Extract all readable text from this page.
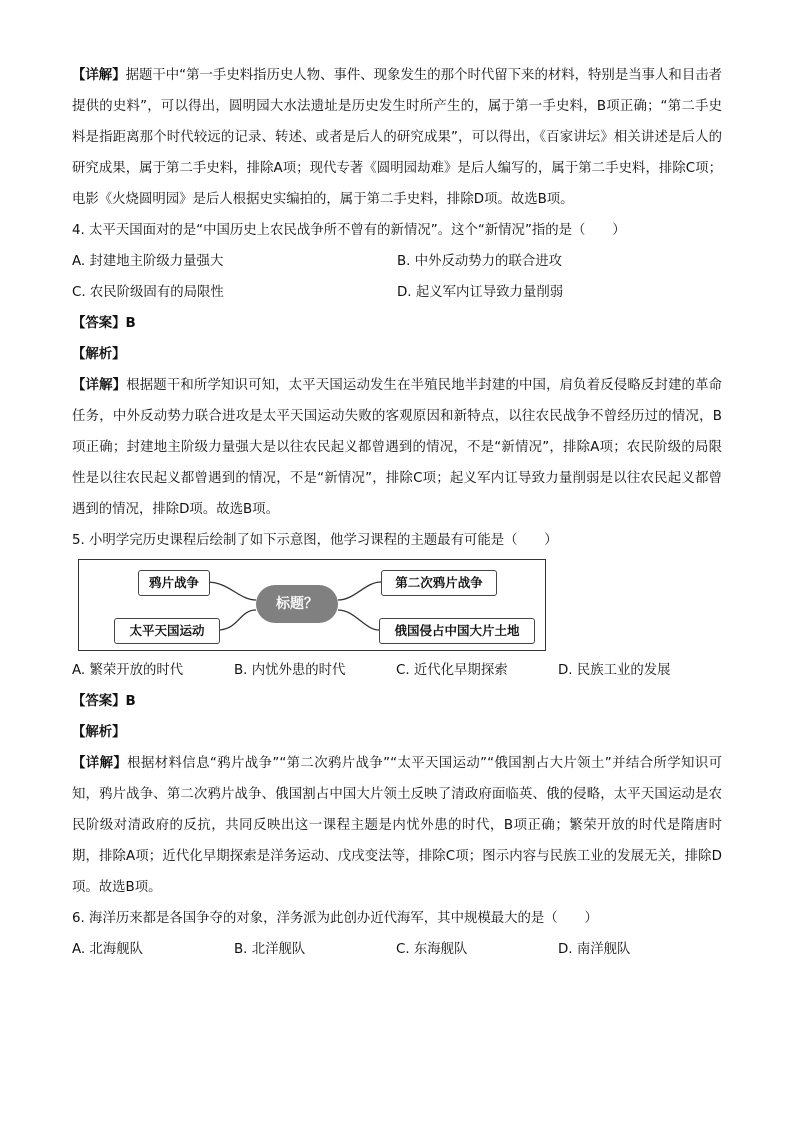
【详解】据题干中“第一手史料指历史人物、事件、现象发生的那个时代留下来的材料，特别是当事人和目击者提供的史料”，可以得出，圆明园大水法遗址是历史发生时所产生的，属于第一手史料，B项正确；“第二手史料是指距离那个时代较远的记录、转述、或者是后人的研究成果”，可以得出，《百家讲坛》相关讲述是后人的研究成果，属于第二手史料，排除A项；现代专著《圆明园劫难》是后人编写的，属于第二手史料，排除C项；电影《火烧圆明园》是后人根据史实编拍的，属于第二手史料，排除D项。故选B项。

4. 太平天国面对的是“中国历史上农民战争所不曾有的新情况”。这个“新情况”指的是（　　）

A. 封建地主阶级力量强大	B. 中外反动势力的联合进攻
C. 农民阶级固有的局限性	D. 起义军内讧导致力量削弱
【答案】B
【解析】

【详解】根据题干和所学知识可知，太平天国运动发生在半殖民地半封建的中国，肩负着反侵略反封建的革命任务，中外反动势力联合进攻是太平天国运动失败的客观原因和新特点，以往农民战争不曾经历过的情况，B项正确；封建地主阶级力量强大是以往农民起义都曾遇到的情况，不是“新情况”，排除A项；农民阶级的局限性是以往农民起义都曾遇到的情况，不是“新情况”，排除C项；起义军内讧导致力量削弱是以往农民起义都曾遇到的情况，排除D项。故选B项。

5. 小明学完历史课程后绘制了如下示意图，他学习课程的主题最有可能是（　　）

鸦片战争
太平天国运动
标题？
第二次鸦片战争
俄国侵占中国大片土地
A. 繁荣开放的时代	B. 内忧外患的时代	C. 近代化早期探索	D. 民族工业的发展
【答案】B
【解析】

【详解】根据材料信息“鸦片战争”“第二次鸦片战争”“太平天国运动”“俄国割占大片领土”并结合所学知识可知，鸦片战争、第二次鸦片战争、俄国割占中国大片领土反映了清政府面临英、俄的侵略，太平天国运动是农民阶级对清政府的反抗，共同反映出这一课程主题是内忧外患的时代，B项正确；繁荣开放的时代是隋唐时期，排除A项；近代化早期探索是洋务运动、戊戌变法等，排除C项；图示内容与民族工业的发展无关，排除D项。故选B项。

6. 海洋历来都是各国争夺的对象，洋务派为此创办近代海军，其中规模最大的是（　　）

A. 北海舰队	B. 北洋舰队	C. 东海舰队	D. 南洋舰队
